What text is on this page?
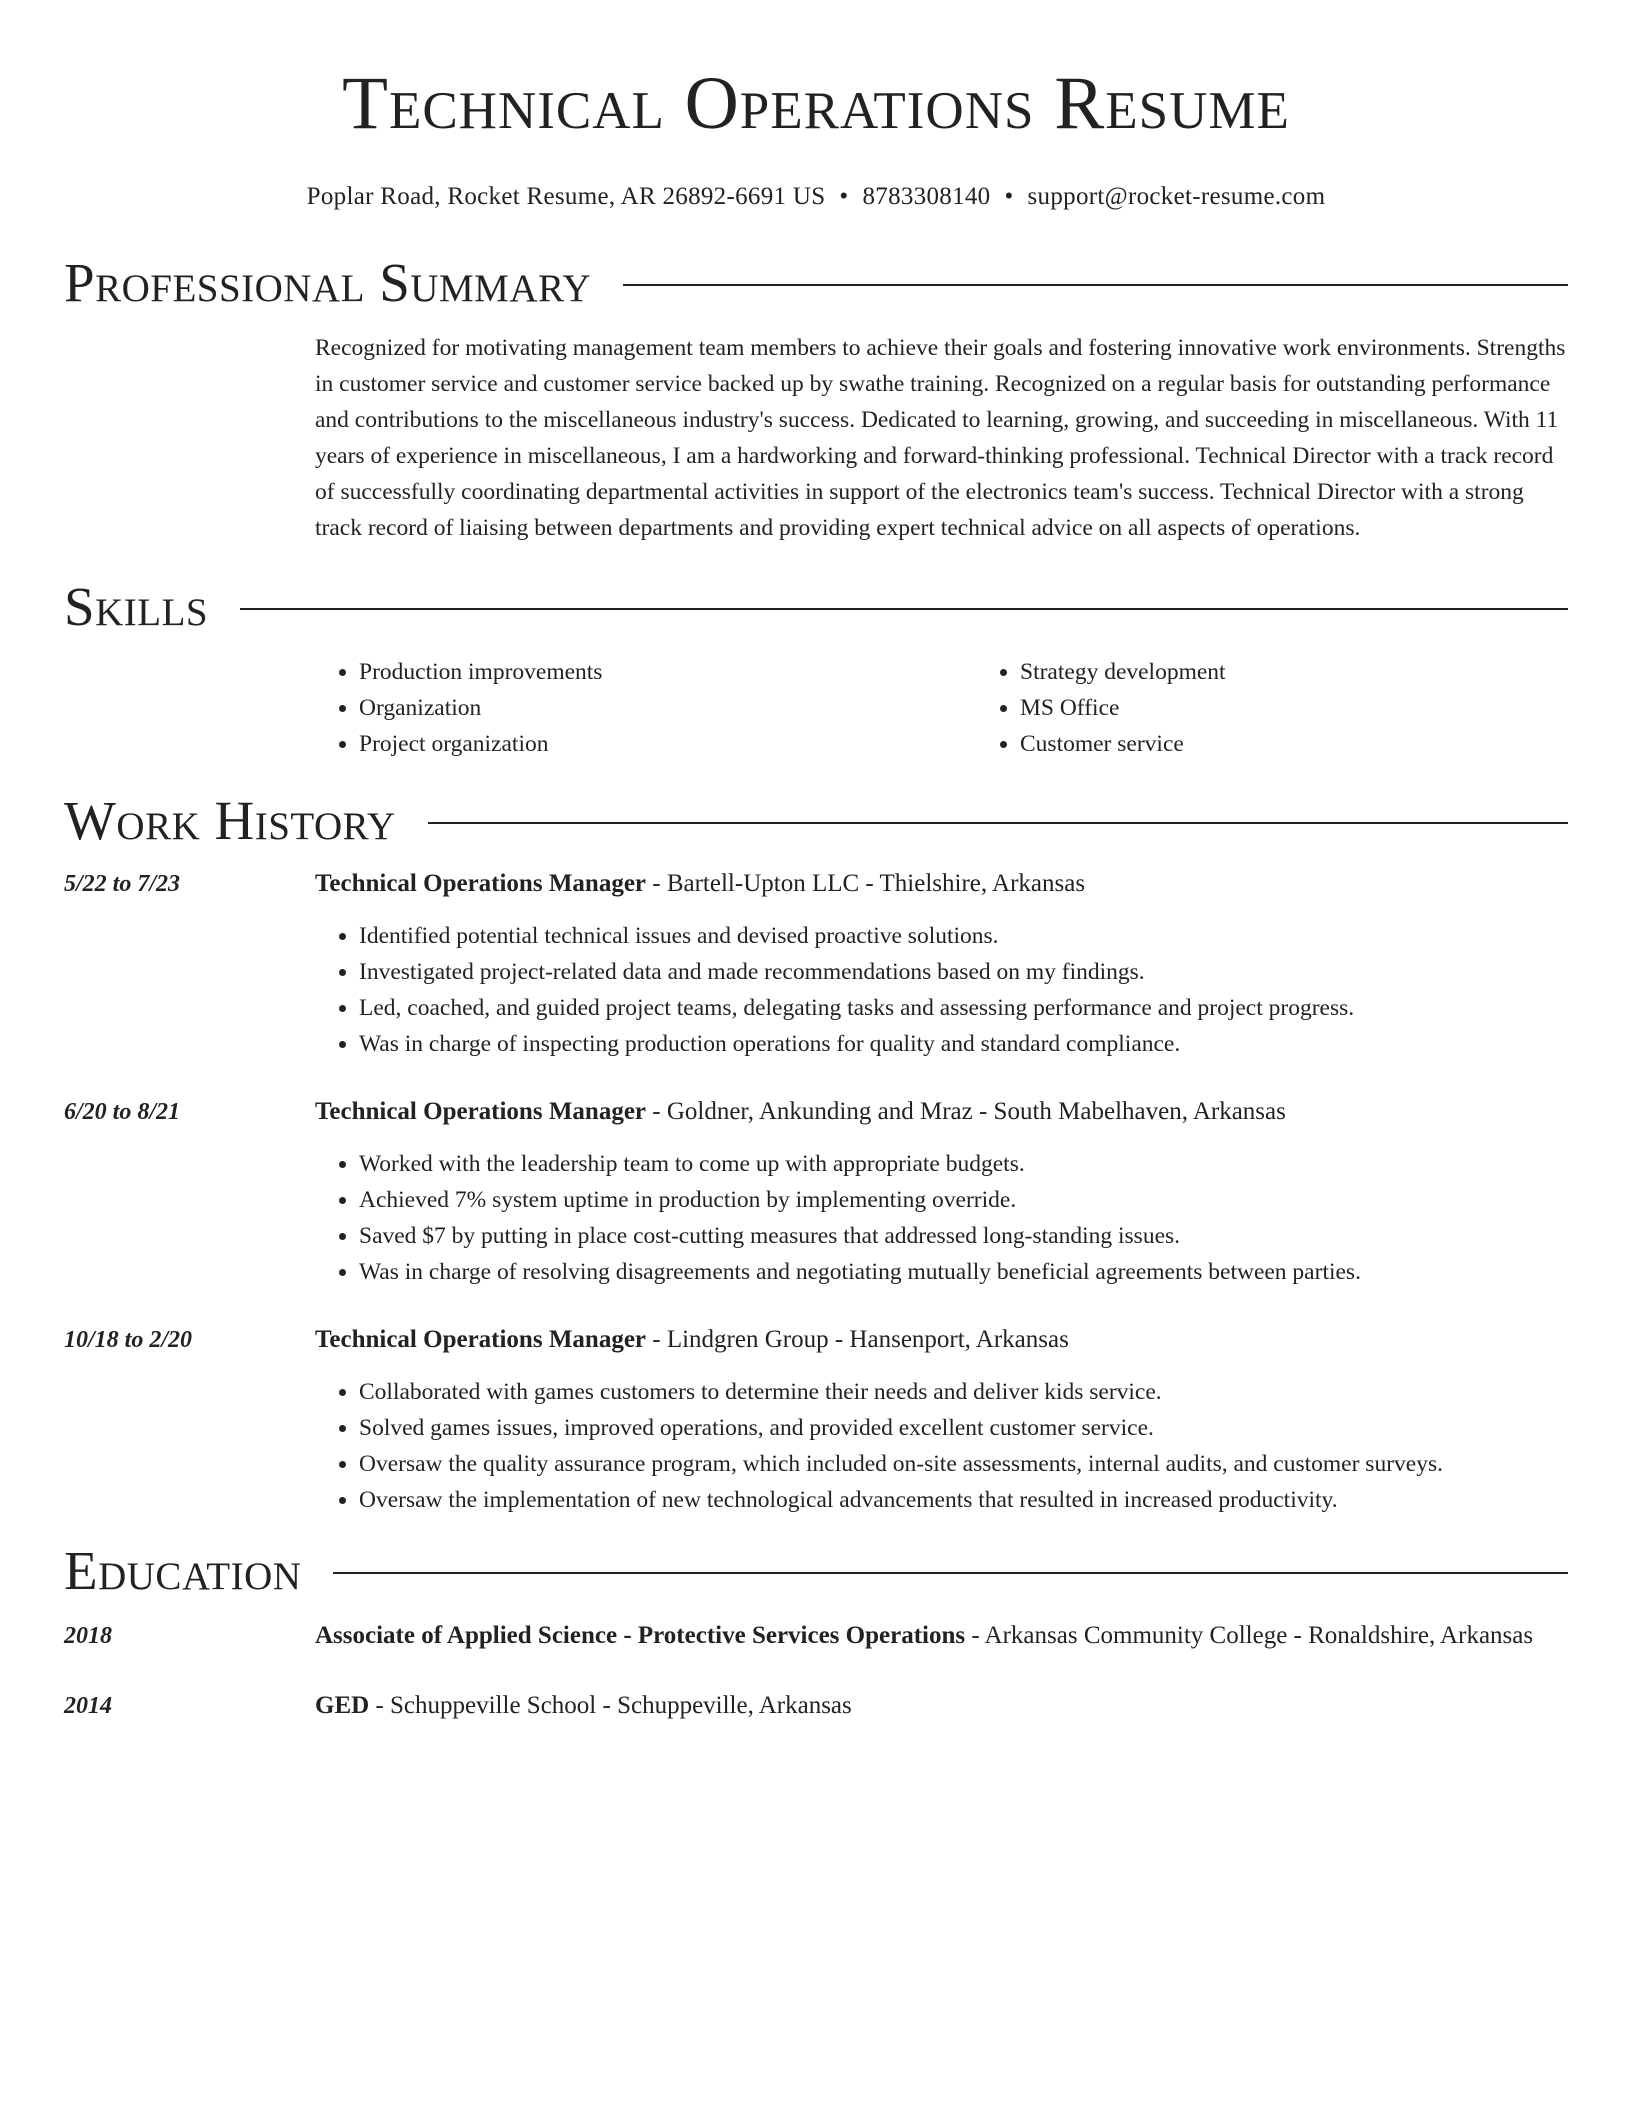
Technical Operations Resume
Poplar Road, Rocket Resume, AR 26892-6691 US • 8783308140 • support@rocket-resume.com
Professional Summary
Recognized for motivating management team members to achieve their goals and fostering innovative work environments. Strengths in customer service and customer service backed up by swathe training. Recognized on a regular basis for outstanding performance and contributions to the miscellaneous industry's success. Dedicated to learning, growing, and succeeding in miscellaneous. With 11 years of experience in miscellaneous, I am a hardworking and forward-thinking professional. Technical Director with a track record of successfully coordinating departmental activities in support of the electronics team's success. Technical Director with a strong track record of liaising between departments and providing expert technical advice on all aspects of operations.
Skills
• Production improvements
• Organization
• Project organization
• Strategy development
• MS Office
• Customer service
Work History
5/22 to 7/23	Technical Operations Manager - Bartell-Upton LLC - Thielshire, Arkansas
• Identified potential technical issues and devised proactive solutions.
• Investigated project-related data and made recommendations based on my findings.
• Led, coached, and guided project teams, delegating tasks and assessing performance and project progress.
• Was in charge of inspecting production operations for quality and standard compliance.
6/20 to 8/21	Technical Operations Manager - Goldner, Ankunding and Mraz - South Mabelhaven, Arkansas
• Worked with the leadership team to come up with appropriate budgets.
• Achieved 7% system uptime in production by implementing override.
• Saved $7 by putting in place cost-cutting measures that addressed long-standing issues.
• Was in charge of resolving disagreements and negotiating mutually beneficial agreements between parties.
10/18 to 2/20	Technical Operations Manager - Lindgren Group - Hansenport, Arkansas
• Collaborated with games customers to determine their needs and deliver kids service.
• Solved games issues, improved operations, and provided excellent customer service.
• Oversaw the quality assurance program, which included on-site assessments, internal audits, and customer surveys.
• Oversaw the implementation of new technological advancements that resulted in increased productivity.
Education
2018	Associate of Applied Science - Protective Services Operations - Arkansas Community College - Ronaldshire, Arkansas
2014	GED - Schuppeville School - Schuppeville, Arkansas
